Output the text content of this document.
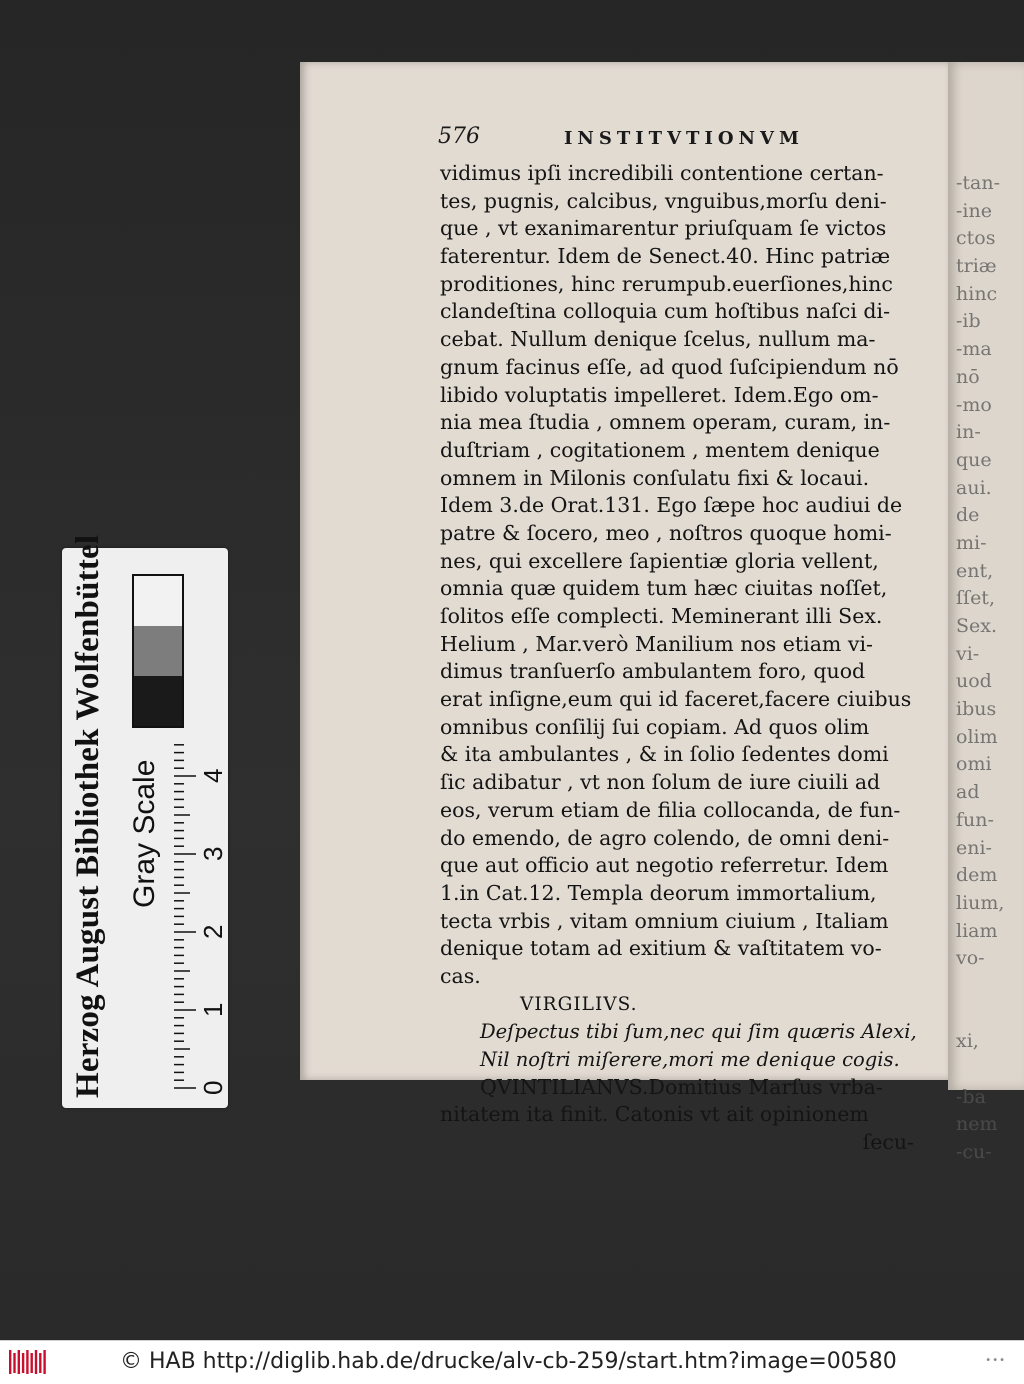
-tan-
-ine
ctos
triæ
hinc
-ib
-ma
nō
-mo
in-
que
aui.
de
mi-
ent,
ſſet,
Sex.
vi-
uod
ibus
olim
omi
ad
fun-
eni-
dem
lium,
liam
vo-
xi,
-ba
nem
-cu-
576	INSTITVTIONVM
vidimus ipſi incredibili contentione certan-
tes, pugnis, calcibus, vnguibus,morſu deni-
que , vt exanimarentur priuſquam ſe victos
faterentur. Idem de Senect.40. Hinc patriæ
proditiones, hinc rerumpub.euerſiones,hinc
clandeſtina colloquia cum hoſtibus naſci di-
cebat. Nullum denique ſcelus, nullum ma-
gnum facinus eſſe, ad quod ſuſcipiendum nō
libido voluptatis impelleret. Idem.Ego om-
nia mea ſtudia , omnem operam, curam, in-
duſtriam , cogitationem , mentem denique
omnem in Milonis conſulatu fixi & locaui.
Idem 3.de Orat.131. Ego ſæpe hoc audiui de
patre & ſocero, meo , noſtros quoque homi-
nes, qui excellere ſapientiæ gloria vellent,
omnia quæ quidem tum hæc ciuitas noſſet,
ſolitos eſſe complecti. Meminerant illi Sex.
Helium , Mar.verò Manilium nos etiam vi-
dimus tranſuerſo ambulantem foro, quod
erat inſigne,eum qui id faceret,facere ciuibus
omnibus conſilij ſui copiam. Ad quos olim
& ita ambulantes , & in ſolio ſedentes domi
ſic adibatur , vt non ſolum de iure ciuili ad
eos, verum etiam de filia collocanda, de fun-
do emendo, de agro colendo, de omni deni-
que aut officio aut negotio referretur. Idem
1.in Cat.12. Templa deorum immortalium,
tecta vrbis , vitam omnium ciuium , Italiam
denique totam ad exitium & vaſtitatem vo-
cas.
VIRGILIVS.
Deſpectus tibi ſum,nec qui ſim quæris Alexi,
Nil noſtri miſerere,mori me denique cogis.
QVINTILIANVS.Domitius Marſus vrba-
nitatem ita finit. Catonis vt ait opinionem
ſecu-
Herzog August Bibliothek Wolfenbüttel Gray Scale
0
1
2
3
4
© HAB http://diglib.hab.de/drucke/alv-cb-259/start.htm?image=00580	•••
